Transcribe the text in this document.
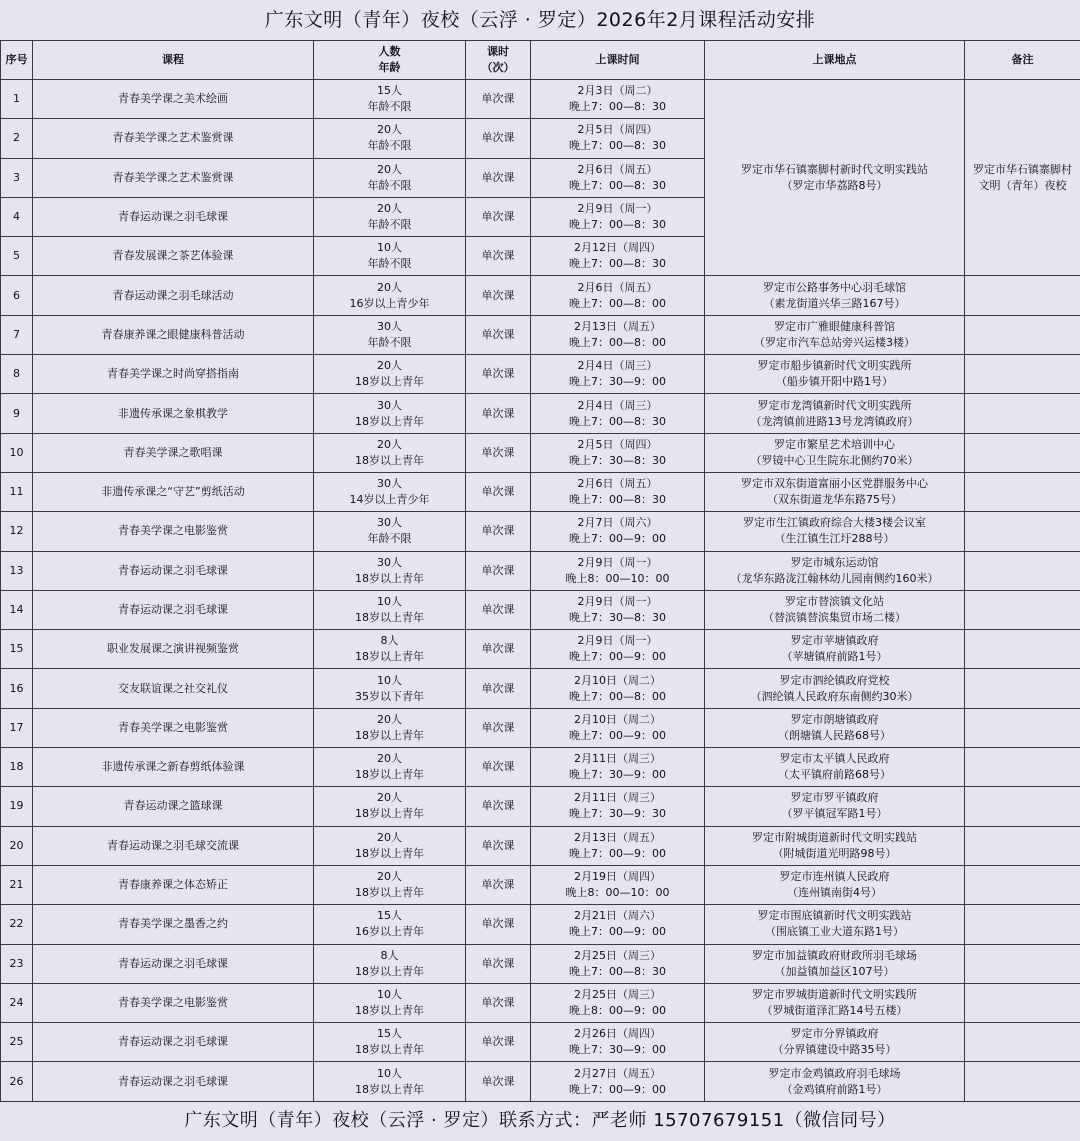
广东文明（青年）夜校（云浮 · 罗定）2026年2月课程活动安排
序号	课程	人数
年龄	课时
（次）	上课时间	上课地点	备注
1	青春美学课之美术绘画	15人
年龄不限	单次课	2月3日（周二）
晚上7：00—8：30	罗定市华石镇寨脚村新时代文明实践站
（罗定市华荔路8号）	罗定市华石镇寨脚村
文明（青年）夜校

2	青春美学课之艺术鉴赏课	20人
年龄不限	单次课	2月5日（周四）
晚上7：00—8：30		

3	青春美学课之艺术鉴赏课	20人
年龄不限	单次课	2月6日（周五）
晚上7：00—8：30		

4	青春运动课之羽毛球课	20人
年龄不限	单次课	2月9日（周一）
晚上7：00—8：30		

5	青春发展课之茶艺体验课	10人
年龄不限	单次课	2月12日（周四）
晚上7：00—8：30		

6	青春运动课之羽毛球活动	20人
16岁以上青少年	单次课	2月6日（周五）
晚上7：00—8：00	罗定市公路事务中心羽毛球馆
（素龙街道兴华三路167号）	

7	青春康养课之眼健康科普活动	30人
年龄不限	单次课	2月13日（周五）
晚上7：00—8：00	罗定市广雅眼健康科普馆
（罗定市汽车总站旁兴运楼3楼）	

8	青春美学课之时尚穿搭指南	20人
18岁以上青年	单次课	2月4日（周三）
晚上7：30—9：00	罗定市船步镇新时代文明实践所
（船步镇开阳中路1号）	

9	非遗传承课之象棋教学	30人
18岁以上青年	单次课	2月4日（周三）
晚上7：00—8：30	罗定市龙湾镇新时代文明实践所
（龙湾镇前进路13号龙湾镇政府）	

10	青春美学课之歌唱课	20人
18岁以上青年	单次课	2月5日（周四）
晚上7：30—8：30	罗定市繁星艺术培训中心
（罗镜中心卫生院东北侧约70米）	

11	非遗传承课之“守艺”剪纸活动	30人
14岁以上青少年	单次课	2月6日（周五）
晚上7：00—8：30	罗定市双东街道富丽小区党群服务中心
（双东街道龙华东路75号）	

12	青春美学课之电影鉴赏	30人
年龄不限	单次课	2月7日（周六）
晚上7：00—9：00	罗定市生江镇政府综合大楼3楼会议室
（生江镇生江圩288号）	

13	青春运动课之羽毛球课	30人
18岁以上青年	单次课	2月9日（周一）
晚上8：00—10：00	罗定市城东运动馆
（龙华东路泷江翰林幼儿园南侧约160米）	

14	青春运动课之羽毛球课	10人
18岁以上青年	单次课	2月9日（周一）
晚上7：30—8：30	罗定市替滨镇文化站
（替滨镇替滨集贸市场二楼）	

15	职业发展课之演讲视频鉴赏	8人
18岁以上青年	单次课	2月9日（周一）
晚上7：00—9：00	罗定市苹塘镇政府
（苹塘镇府前路1号）	

16	交友联谊课之社交礼仪	10人
35岁以下青年	单次课	2月10日（周二）
晚上7：00—8：00	罗定市泗纶镇政府党校
（泗纶镇人民政府东南侧约30米）	

17	青春美学课之电影鉴赏	20人
18岁以上青年	单次课	2月10日（周二）
晚上7：00—9：00	罗定市朗塘镇政府
（朗塘镇人民路68号）	

18	非遗传承课之新春剪纸体验课	20人
18岁以上青年	单次课	2月11日（周三）
晚上7：30—9：00	罗定市太平镇人民政府
（太平镇府前路68号）	

19	青春运动课之篮球课	20人
18岁以上青年	单次课	2月11日（周三）
晚上7：30—9：30	罗定市罗平镇政府
（罗平镇冠军路1号）	

20	青春运动课之羽毛球交流课	20人
18岁以上青年	单次课	2月13日（周五）
晚上7：00—9：00	罗定市附城街道新时代文明实践站
（附城街道光明路98号）	

21	青春康养课之体态矫正	20人
18岁以上青年	单次课	2月19日（周四）
晚上8：00—10：00	罗定市连州镇人民政府
（连州镇南街4号）	

22	青春美学课之墨香之约	15人
16岁以上青年	单次课	2月21日（周六）
晚上7：00—9：00	罗定市围底镇新时代文明实践站
（围底镇工业大道东路1号）	

23	青春运动课之羽毛球课	8人
18岁以上青年	单次课	2月25日（周三）
晚上7：00—8：30	罗定市加益镇政府财政所羽毛球场
（加益镇加益区107号）	

24	青春美学课之电影鉴赏	10人
18岁以上青年	单次课	2月25日（周三）
晚上8：00—9：00	罗定市罗城街道新时代文明实践所
（罗城街道泽汇路14号五楼）	

25	青春运动课之羽毛球课	15人
18岁以上青年	单次课	2月26日（周四）
晚上7：30—9：00	罗定市分界镇政府
（分界镇建设中路35号）	

26	青春运动课之羽毛球课	10人
18岁以上青年	单次课	2月27日（周五）
晚上7：00—9：00	罗定市金鸡镇政府羽毛球场
（金鸡镇府前路1号）	

广东文明（青年）夜校（云浮 · 罗定）联系方式：严老师 15707679151（微信同号）
